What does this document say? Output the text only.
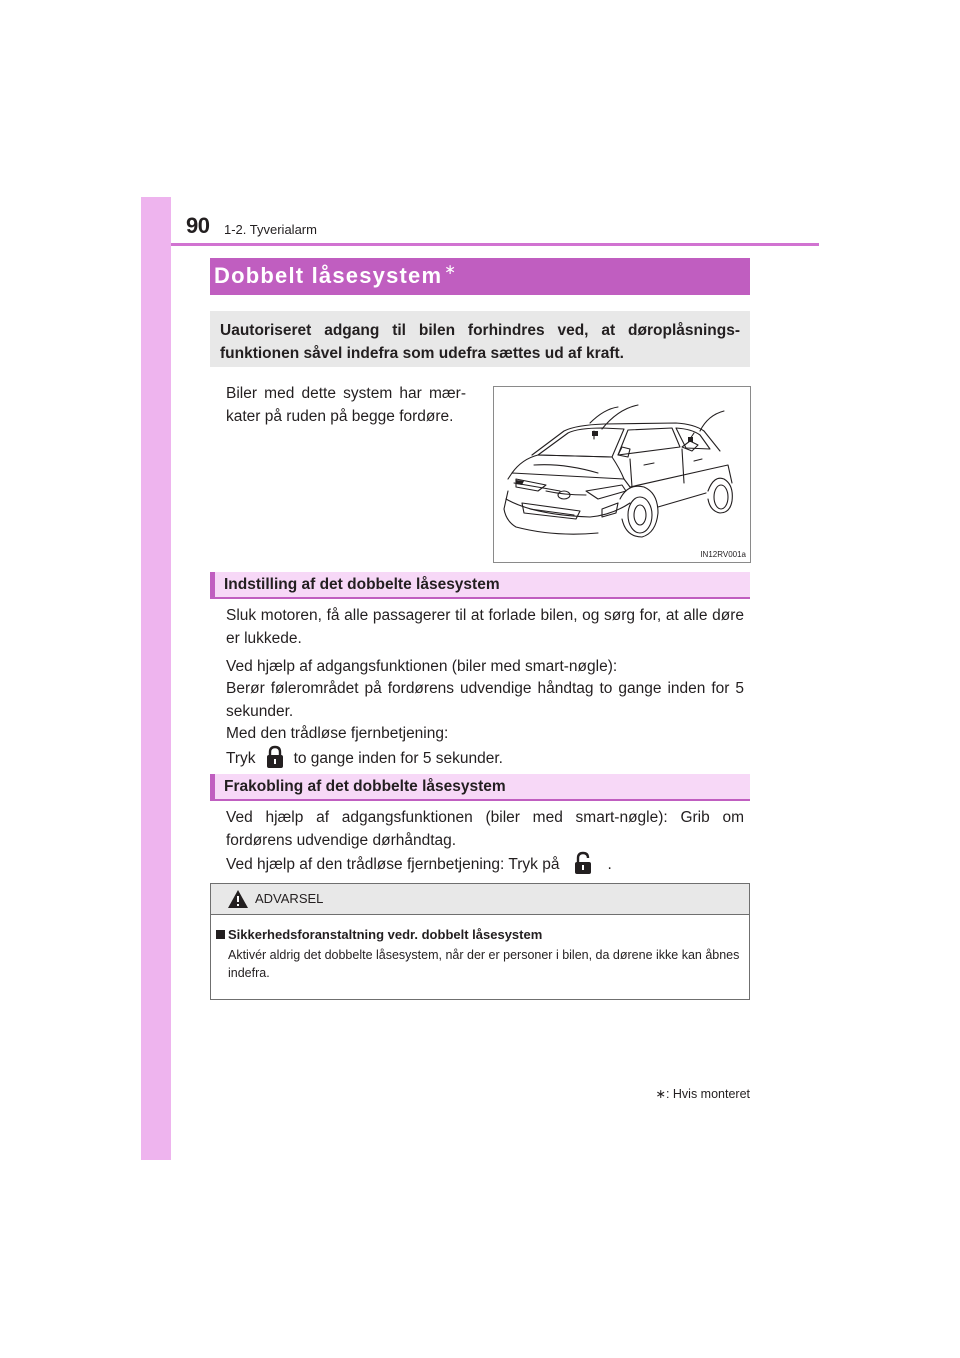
90 1-2. Tyverialarm
Dobbelt låsesystem ∗
Uautoriseret adgang til bilen forhindres ved, at døroplåsnings-funktionen såvel indefra som udefra sættes ud af kraft.
Biler med dette system har mær-kater på ruden på begge fordøre.
IN12RV001a
Indstilling af det dobbelte låsesystem
Sluk motoren, få alle passagerer til at forlade bilen, og sørg for, at alle døre er lukkede.
Ved hjælp af adgangsfunktionen (biler med smart-nøgle):
Berør følerområdet på fordørens udvendige håndtag to gange inden for 5 sekunder.
Med den trådløse fjernbetjening:
Tryk to gange inden for 5 sekunder.
Frakobling af det dobbelte låsesystem
Ved hjælp af adgangsfunktionen (biler med smart-nøgle): Grib om fordørens udvendige dørhåndtag.
Ved hjælp af den trådløse fjernbetjening: Tryk på	.
ADVARSEL
Sikkerhedsforanstaltning vedr. dobbelt låsesystem
Aktivér aldrig det dobbelte låsesystem, når der er personer i bilen, da dørene ikke kan åbnes indefra.
∗: Hvis monteret
